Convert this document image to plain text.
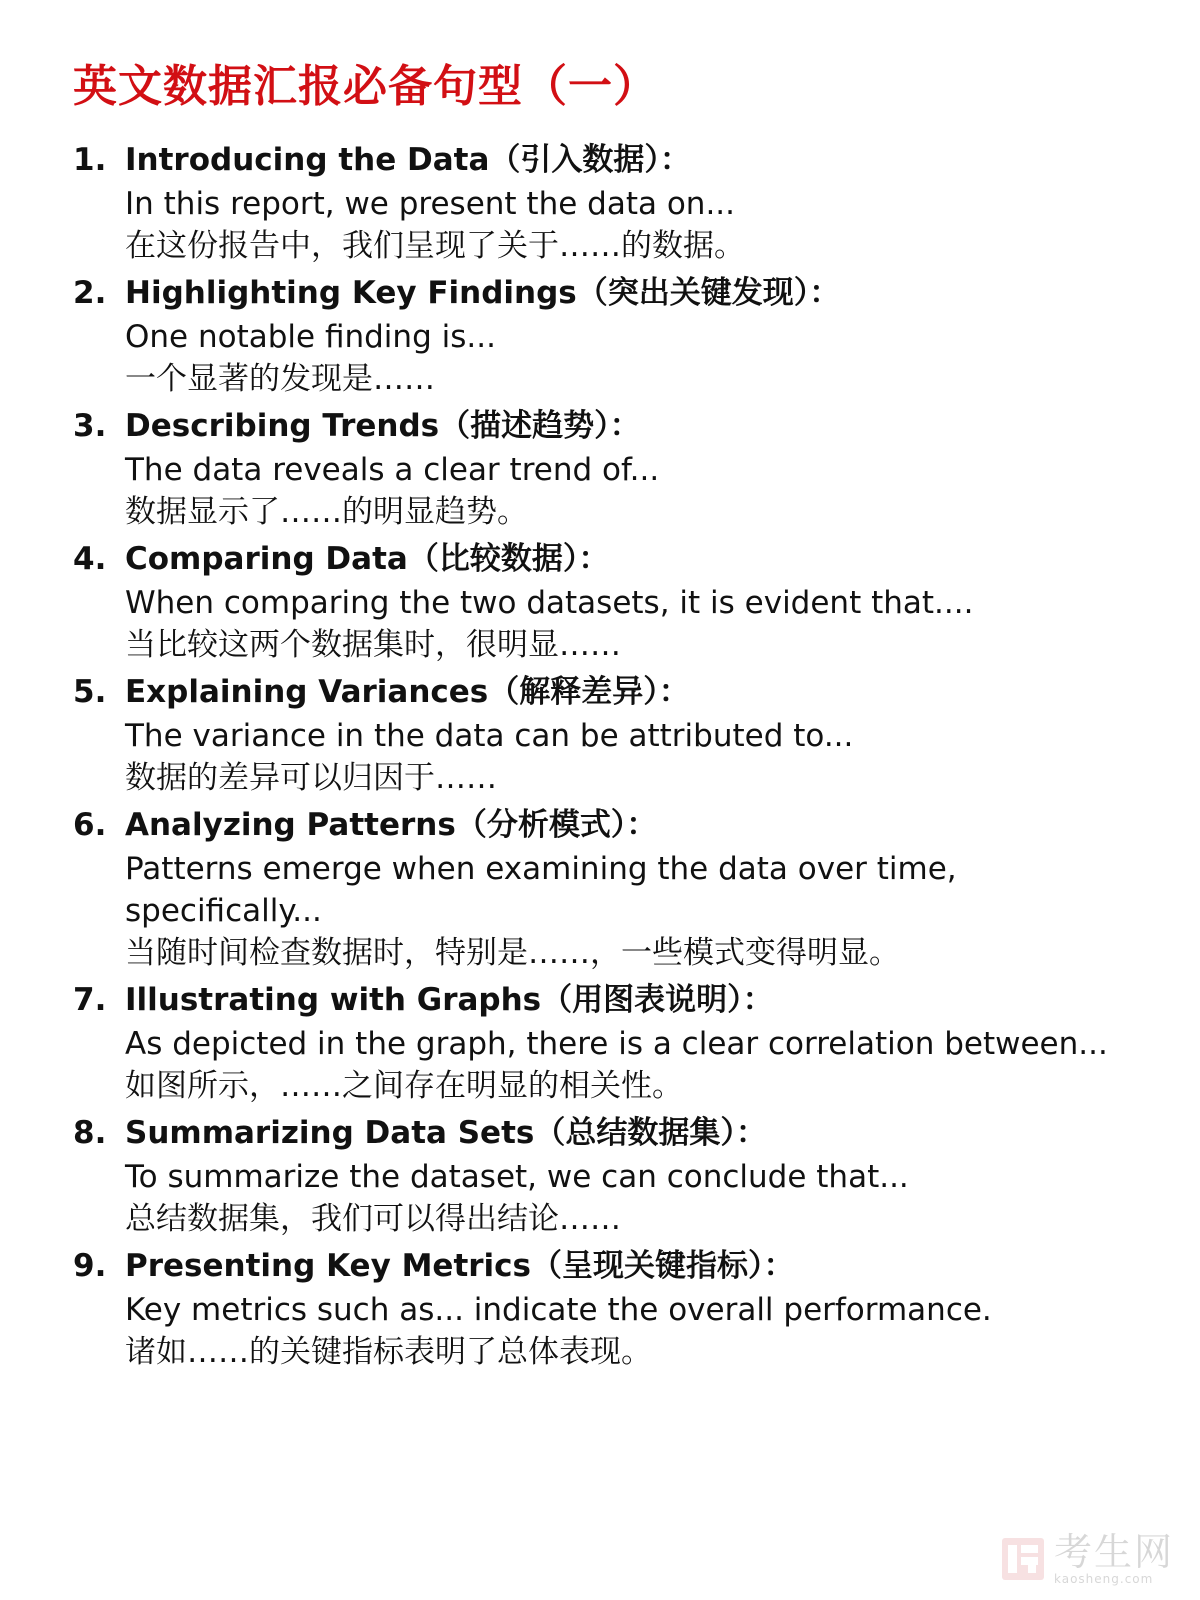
英文数据汇报必备句型（一）
1. Introducing the Data（引入数据）：
In this report, we present the data on...
在这份报告中，我们呈现了关于……的数据。
2. Highlighting Key Findings（突出关键发现）：
One notable finding is...
一个显著的发现是……
3. Describing Trends（描述趋势）：
The data reveals a clear trend of...
数据显示了……的明显趋势。
4. Comparing Data（比较数据）：
When comparing the two datasets, it is evident that....
当比较这两个数据集时，很明显……
5. Explaining Variances（解释差异）：
The variance in the data can be attributed to...
数据的差异可以归因于……
6. Analyzing Patterns（分析模式）：
Patterns emerge when examining the data over time, specifically...
当随时间检查数据时，特别是……，一些模式变得明显。
7. Illustrating with Graphs（用图表说明）：
As depicted in the graph, there is a clear correlation between...
如图所示，……之间存在明显的相关性。
8. Summarizing Data Sets（总结数据集）：
To summarize the dataset, we can conclude that...
总结数据集，我们可以得出结论……
9. Presenting Key Metrics（呈现关键指标）：
Key metrics such as... indicate the overall performance.
诸如……的关键指标表明了总体表现。
考生网
kaosheng.com
